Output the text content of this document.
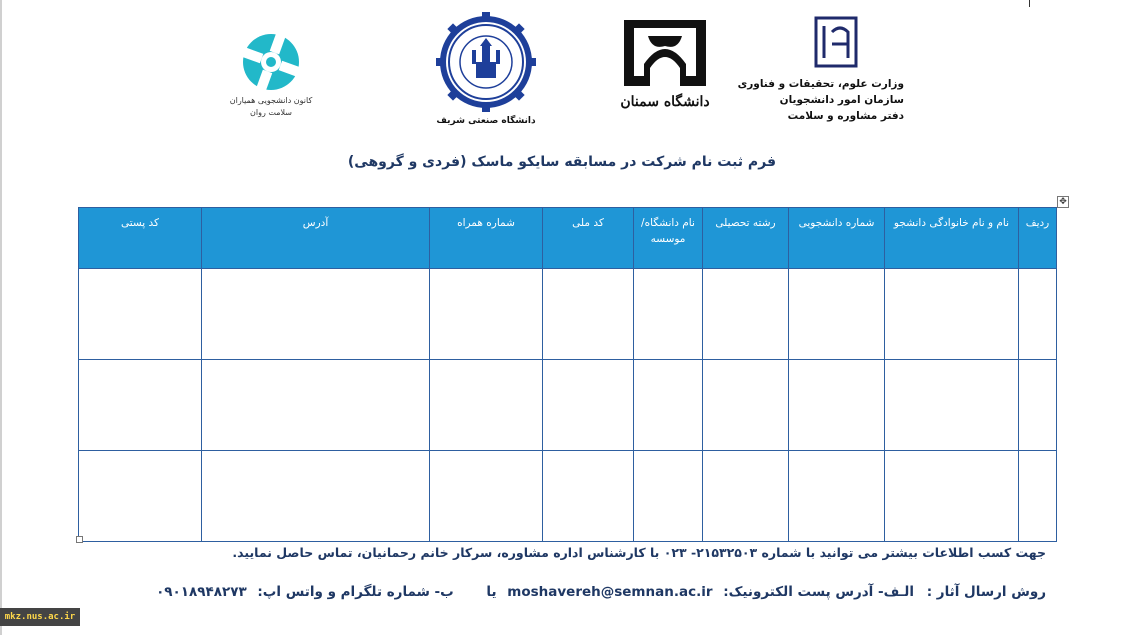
کانون دانشجویی همیاران
سلامت روان
دانشگاه صنعتی شریف
دانشگاه سمنان
وزارت علوم، تحقیقات و فناوری
سازمان امور دانشجویان
دفتر مشاوره و سلامت
فرم ثبت نام شرکت در مسابقه سایکو ماسک (فردی و گروهی)
✥
ردیف	نام و نام خانوادگی دانشجو	شماره دانشجویی	رشته تحصیلی	نام دانشگاه/ موسسه	کد ملی	شماره همراه	آدرس	کد پستی

جهت کسب اطلاعات بیشتر می توانید با شماره ۲۱۵۳۲۵۰۳- ۰۲۳ با کارشناس اداره مشاوره، سرکار خانم رحمانیان، تماس حاصل نمایید.
روش ارسال آثار : الـف- آدرس پست الکترونیک: moshavereh@semnan.ac.ir یا ب- شماره تلگرام و واتس اپ: ۰۹۰۱۸۹۴۸۲۷۳
mkz.nus.ac.ir
